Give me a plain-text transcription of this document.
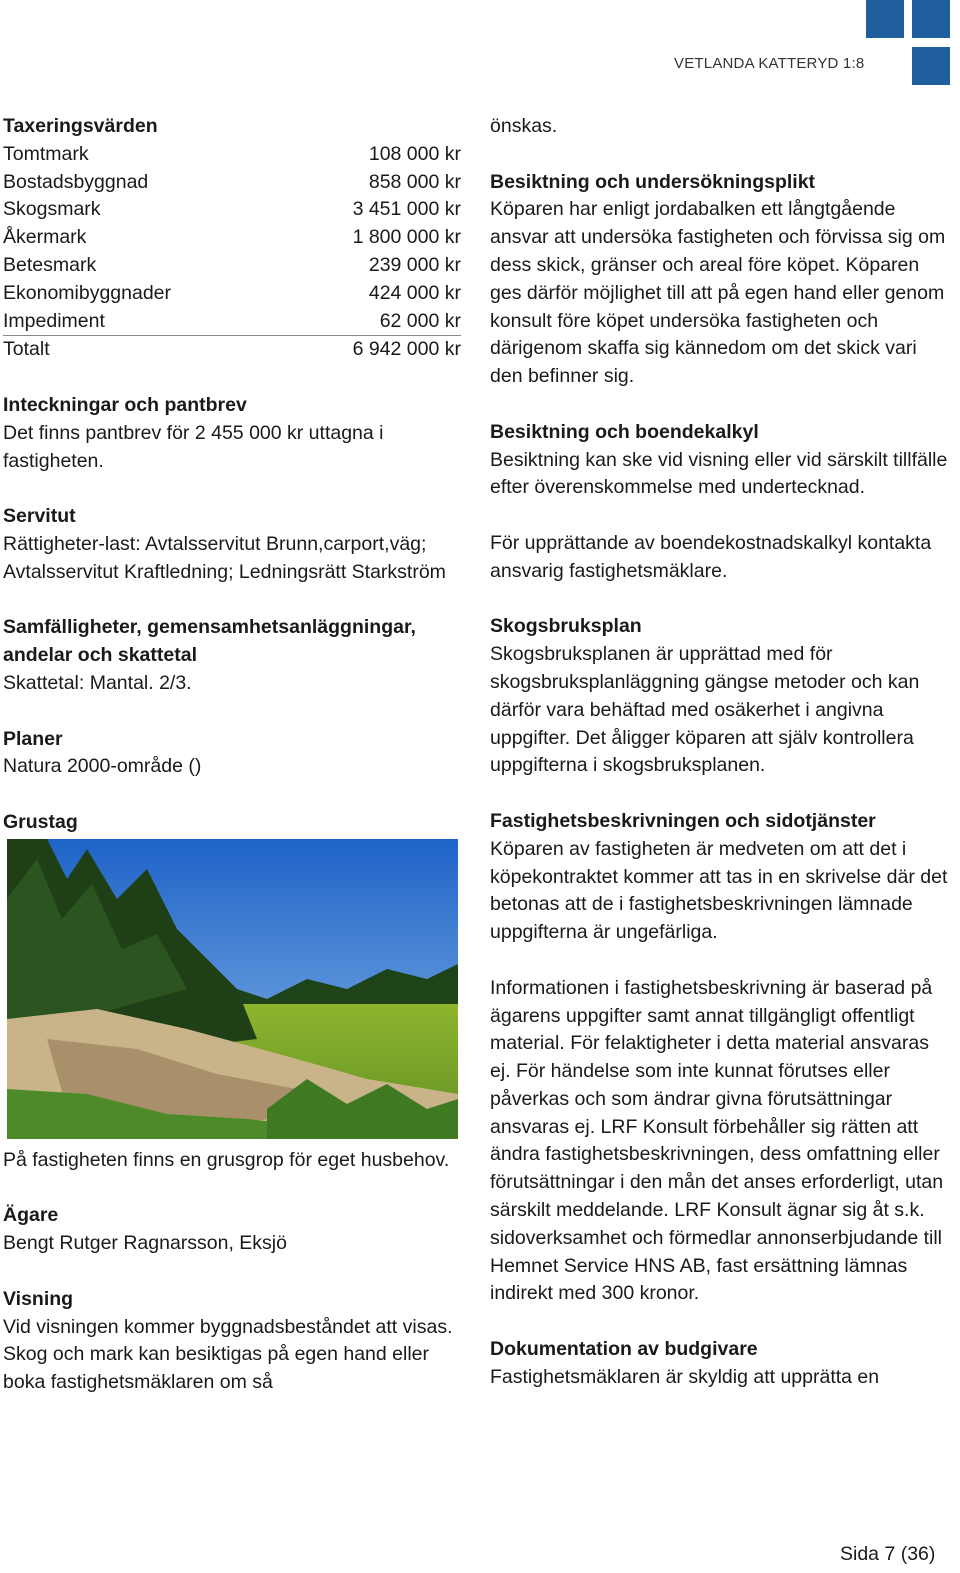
VETLANDA KATTERYD 1:8

Taxeringsvärden

Tomtmark	108 000 kr
Bostadsbyggnad	858 000 kr
Skogsmark	3 451 000 kr
Åkermark	1 800 000 kr
Betesmark	239 000 kr
Ekonomibyggnader	424 000 kr
Impediment	62 000 kr
Totalt	6 942 000 kr

Inteckningar och pantbrev

Det finns pantbrev för 2 455 000 kr uttagna i fastigheten.

Servitut

Rättigheter-last: Avtalsservitut Brunn,carport,väg; Avtalsservitut Kraftledning; Ledningsrätt Starkström

Samfälligheter, gemensamhetsanläggningar, andelar och skattetal

Skattetal: Mantal. 2/3.

Planer

Natura 2000-område ()

Grustag

På fastigheten finns en grusgrop för eget husbehov.

Ägare

Bengt Rutger Ragnarsson, Eksjö

Visning

Vid visningen kommer byggnadsbeståndet att visas. Skog och mark kan besiktigas på egen hand eller boka fastighetsmäklaren om så

önskas.

Besiktning och undersökningsplikt

Köparen har enligt jordabalken ett långtgående ansvar att undersöka fastigheten och förvissa sig om dess skick, gränser och areal före köpet. Köparen ges därför möjlighet till att på egen hand eller genom konsult före köpet undersöka fastigheten och därigenom skaffa sig kännedom om det skick vari den befinner sig.

Besiktning och boendekalkyl

Besiktning kan ske vid visning eller vid särskilt tillfälle efter överenskommelse med undertecknad.

För upprättande av boendekostnadskalkyl kontakta ansvarig fastighetsmäklare.

Skogsbruksplan

Skogsbruksplanen är upprättad med för skogsbruksplanläggning gängse metoder och kan därför vara behäftad med osäkerhet i angivna uppgifter. Det åligger köparen att själv kontrollera uppgifterna i skogsbruksplanen.

Fastighetsbeskrivningen och sidotjänster

Köparen av fastigheten är medveten om att det i köpekontraktet kommer att tas in en skrivelse där det betonas att de i fastighetsbeskrivningen lämnade uppgifterna är ungefärliga.

Informationen i fastighetsbeskrivning är baserad på ägarens uppgifter samt annat tillgängligt offentligt material. För felaktigheter i detta material ansvaras ej. För händelse som inte kunnat förutses eller påverkas och som ändrar givna förutsättningar ansvaras ej. LRF Konsult förbehåller sig rätten att ändra fastighetsbeskrivningen, dess omfattning eller förutsättningar i den mån det anses erforderligt, utan särskilt meddelande. LRF Konsult ägnar sig åt s.k. sidoverksamhet och förmedlar annonserbjudande till Hemnet Service HNS AB, fast ersättning lämnas indirekt med 300 kronor.

Dokumentation av budgivare

Fastighetsmäklaren är skyldig att upprätta en

Sida 7 (36)
